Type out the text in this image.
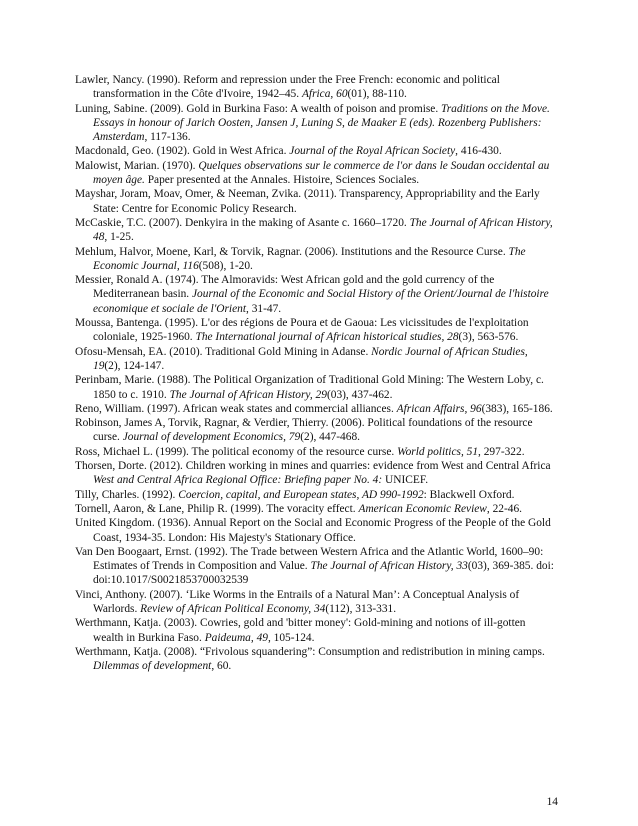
Lawler, Nancy. (1990). Reform and repression under the Free French: economic and political transformation in the Côte d'Ivoire, 1942–45. Africa, 60(01), 88-110.

Luning, Sabine. (2009). Gold in Burkina Faso: A wealth of poison and promise. Traditions on the Move. Essays in honour of Jarich Oosten, Jansen J, Luning S, de Maaker E (eds). Rozenberg Publishers: Amsterdam, 117-136.

Macdonald, Geo. (1902). Gold in West Africa. Journal of the Royal African Society, 416-430.

Malowist, Marian. (1970). Quelques observations sur le commerce de l'or dans le Soudan occidental au moyen âge. Paper presented at the Annales. Histoire, Sciences Sociales.

Mayshar, Joram, Moav, Omer, & Neeman, Zvika. (2011). Transparency, Appropriability and the Early State: Centre for Economic Policy Research.

McCaskie, T.C. (2007). Denkyira in the making of Asante c. 1660–1720. The Journal of African History, 48, 1-25.

Mehlum, Halvor, Moene, Karl, & Torvik, Ragnar. (2006). Institutions and the Resource Curse. The Economic Journal, 116(508), 1-20.

Messier, Ronald A. (1974). The Almoravids: West African gold and the gold currency of the Mediterranean basin. Journal of the Economic and Social History of the Orient/Journal de l'histoire economique et sociale de l'Orient, 31-47.

Moussa, Bantenga. (1995). L'or des régions de Poura et de Gaoua: Les vicissitudes de l'exploitation coloniale, 1925-1960. The International journal of African historical studies, 28(3), 563-576.

Ofosu-Mensah, EA. (2010). Traditional Gold Mining in Adanse. Nordic Journal of African Studies, 19(2), 124-147.

Perinbam, Marie. (1988). The Political Organization of Traditional Gold Mining: The Western Loby, c. 1850 to c. 1910. The Journal of African History, 29(03), 437-462.

Reno, William. (1997). African weak states and commercial alliances. African Affairs, 96(383), 165-186.

Robinson, James A, Torvik, Ragnar, & Verdier, Thierry. (2006). Political foundations of the resource curse. Journal of development Economics, 79(2), 447-468.

Ross, Michael L. (1999). The political economy of the resource curse. World politics, 51, 297-322.

Thorsen, Dorte. (2012). Children working in mines and quarries: evidence from West and Central Africa West and Central Africa Regional Office: Briefing paper No. 4: UNICEF.

Tilly, Charles. (1992). Coercion, capital, and European states, AD 990-1992: Blackwell Oxford.

Tornell, Aaron, & Lane, Philip R. (1999). The voracity effect. American Economic Review, 22-46.

United Kingdom. (1936). Annual Report on the Social and Economic Progress of the People of the Gold Coast, 1934-35. London: His Majesty's Stationary Office.

Van Den Boogaart, Ernst. (1992). The Trade between Western Africa and the Atlantic World, 1600–90: Estimates of Trends in Composition and Value. The Journal of African History, 33(03), 369-385. doi: doi:10.1017/S0021853700032539

Vinci, Anthony. (2007). ‘Like Worms in the Entrails of a Natural Man’: A Conceptual Analysis of Warlords. Review of African Political Economy, 34(112), 313-331.

Werthmann, Katja. (2003). Cowries, gold and 'bitter money': Gold-mining and notions of ill-gotten wealth in Burkina Faso. Paideuma, 49, 105-124.

Werthmann, Katja. (2008). “Frivolous squandering”: Consumption and redistribution in mining camps. Dilemmas of development, 60.

14
